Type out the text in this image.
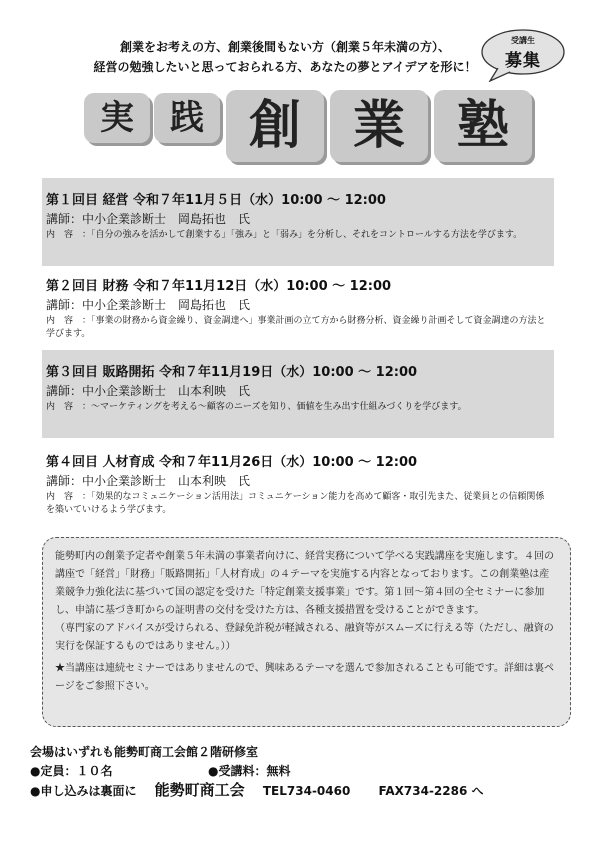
創業をお考えの方、創業後間もない方（創業５年未満の方）、
経営の勉強したいと思っておられる方、あなたの夢とアイデアを形に！
受講生
募集
実	践 創 業 塾
第１回目 経営 令和７年11月５日（水）10:00 ～ 12:00
講師：中小企業診断士　岡島拓也　氏
内　容　：「自分の強みを活かして創業する」「強み」と「弱み」を分析し、それをコントロールする方法を学びます。
第２回目 財務 令和７年11月12日（水）10:00 ～ 12:00
講師：中小企業診断士　岡島拓也　氏
内　容　：「事業の財務から資金繰り、資金調達へ」事業計画の立て方から財務分析、資金繰り計画そして資金調達の方法と学びます。
第３回目 販路開拓 令和７年11月19日（水）10:00 ～ 12:00
講師：中小企業診断士　山本利映　氏
内　容　：～マーケティングを考える～顧客のニーズを知り、価値を生み出す仕組みづくりを学びます。
第４回目 人材育成 令和７年11月26日（水）10:00 ～ 12:00
講師：中小企業診断士　山本利映　氏
内　容　：「効果的なコミュニケーション活用法」コミュニケーション能力を高めて顧客・取引先また、従業員との信頼関係を築いていけるよう学びます。

能勢町内の創業予定者や創業５年未満の事業者向けに、経営実務について学べる実践講座を実施します。４回の講座で「経営」「財務」「販路開拓」「人材育成」の４テーマを実施する内容となっております。この創業塾は産業競争力強化法に基づいて国の認定を受けた「特定創業支援事業」です。第１回～第４回の全セミナーに参加し、申請に基づき町からの証明書の交付を受けた方は、各種支援措置を受けることができます。

（専門家のアドバイスが受けられる、登録免許税が軽減される、融資等がスムーズに行える等（ただし、融資の実行を保証するものではありません。））

★当講座は連続セミナーではありませんので、興味あるテーマを選んで参加されることも可能です。詳細は裏ページをご参照下さい。

会場はいずれも能勢町商工会館２階研修室
●定員：１０名	●受講料：無料
●申し込みは裏面に 能勢町商工会 TEL734-0460 FAX734-2286 へ
